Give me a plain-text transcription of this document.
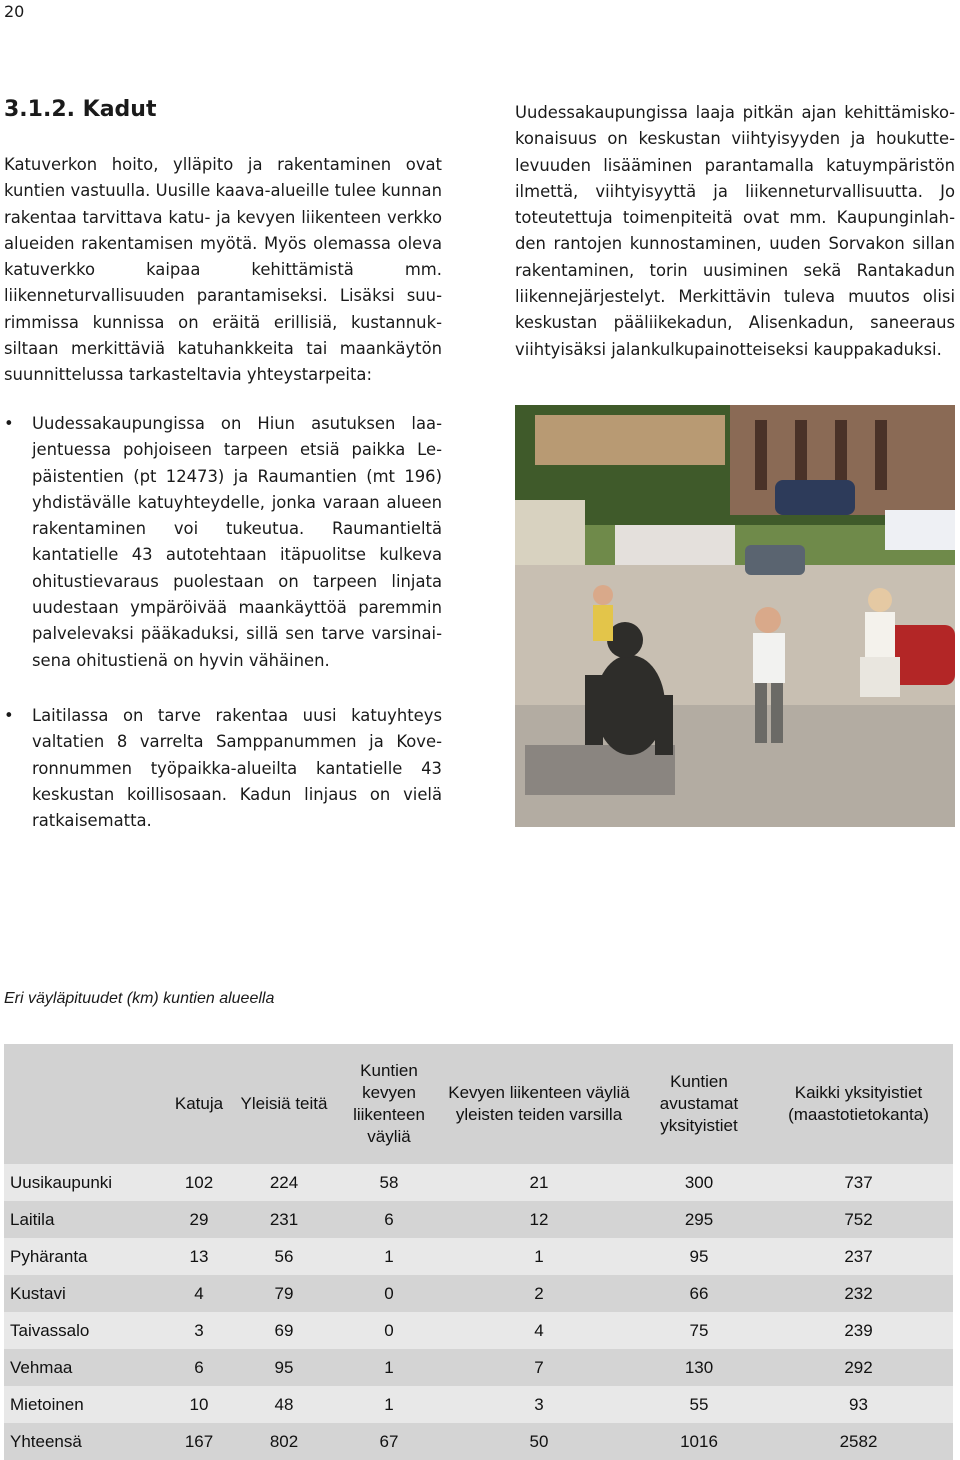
20
3.1.2. Kadut

Katuverkon hoito, ylläpito ja rakentaminen ovat kuntien vastuulla. Uusille kaava-alueille tulee kunnan rakentaa tarvittava katu- ja kevyen liikenteen verkko alueiden rakentamisen myötä. Myös olemassa oleva katuverkko kaipaa kehittämistä mm. liikenneturvallisuuden parantamiseksi. Lisäksi suurimmissa kunnissa on eräitä erillisiä, kustannuksiltaan merkittäviä katuhankkeita tai maankäytön suunnittelussa tarkasteltavia yhteystarpeita:

• Uudessakaupungissa on Hiun asutuksen laajentuessa pohjoiseen tarpeen etsiä paikka Lepäistentien (pt 12473) ja Raumantien (mt 196) yhdistävälle katuyhteydelle, jonka varaan alueen rakentaminen voi tukeutua. Raumantieltä kantatielle 43 autotehtaan itäpuolitse kulkeva ohitustievaraus puolestaan on tarpeen linjata uudestaan ympäröivää maankäyttöä paremmin palvelevaksi pääkaduksi, sillä sen tarve varsinaisena ohitustienä on hyvin vähäinen.

• Laitilassa on tarve rakentaa uusi katuyhteys valtatien 8 varrelta Samppanummen ja Koveronnummen työpaikka-alueilta kantatielle 43 keskustan koillisosaan. Kadun linjaus on vielä ratkaisematta.

Uudessakaupungissa laaja pitkän ajan kehittämiskokonaisuus on keskustan viihtyisyyden ja houkuttelevuuden lisääminen parantamalla katuympäristön ilmettä, viihtyisyyttä ja liikenneturvallisuutta. Jo toteutettuja toimenpiteitä ovat mm. Kaupunginlahden rantojen kunnostaminen, uuden Sorvakon sillan rakentaminen, torin uusiminen sekä Rantakadun liikennejärjestelyt. Merkittävin tuleva muutos olisi keskustan pääliikekadun, Alisenkadun, saneeraus viihtyisäksi jalankulkupainotteiseksi kauppakaduksi.

Eri väyläpituudet (km) kuntien alueella

	Katuja	Yleisiä teitä	Kuntien kevyen liikenteen väyliä	Kevyen liikenteen väyliä yleisten teiden varsilla	Kuntien avustamat yksityistiet	Kaikki yksityistiet (maastotietokanta)
Uusikaupunki	102	224	58	21	300	737
Laitila	29	231	6	12	295	752
Pyhäranta	13	56	1	1	95	237
Kustavi	4	79	0	2	66	232
Taivassalo	3	69	0	4	75	239
Vehmaa	6	95	1	7	130	292
Mietoinen	10	48	1	3	55	93
Yhteensä	167	802	67	50	1016	2582
